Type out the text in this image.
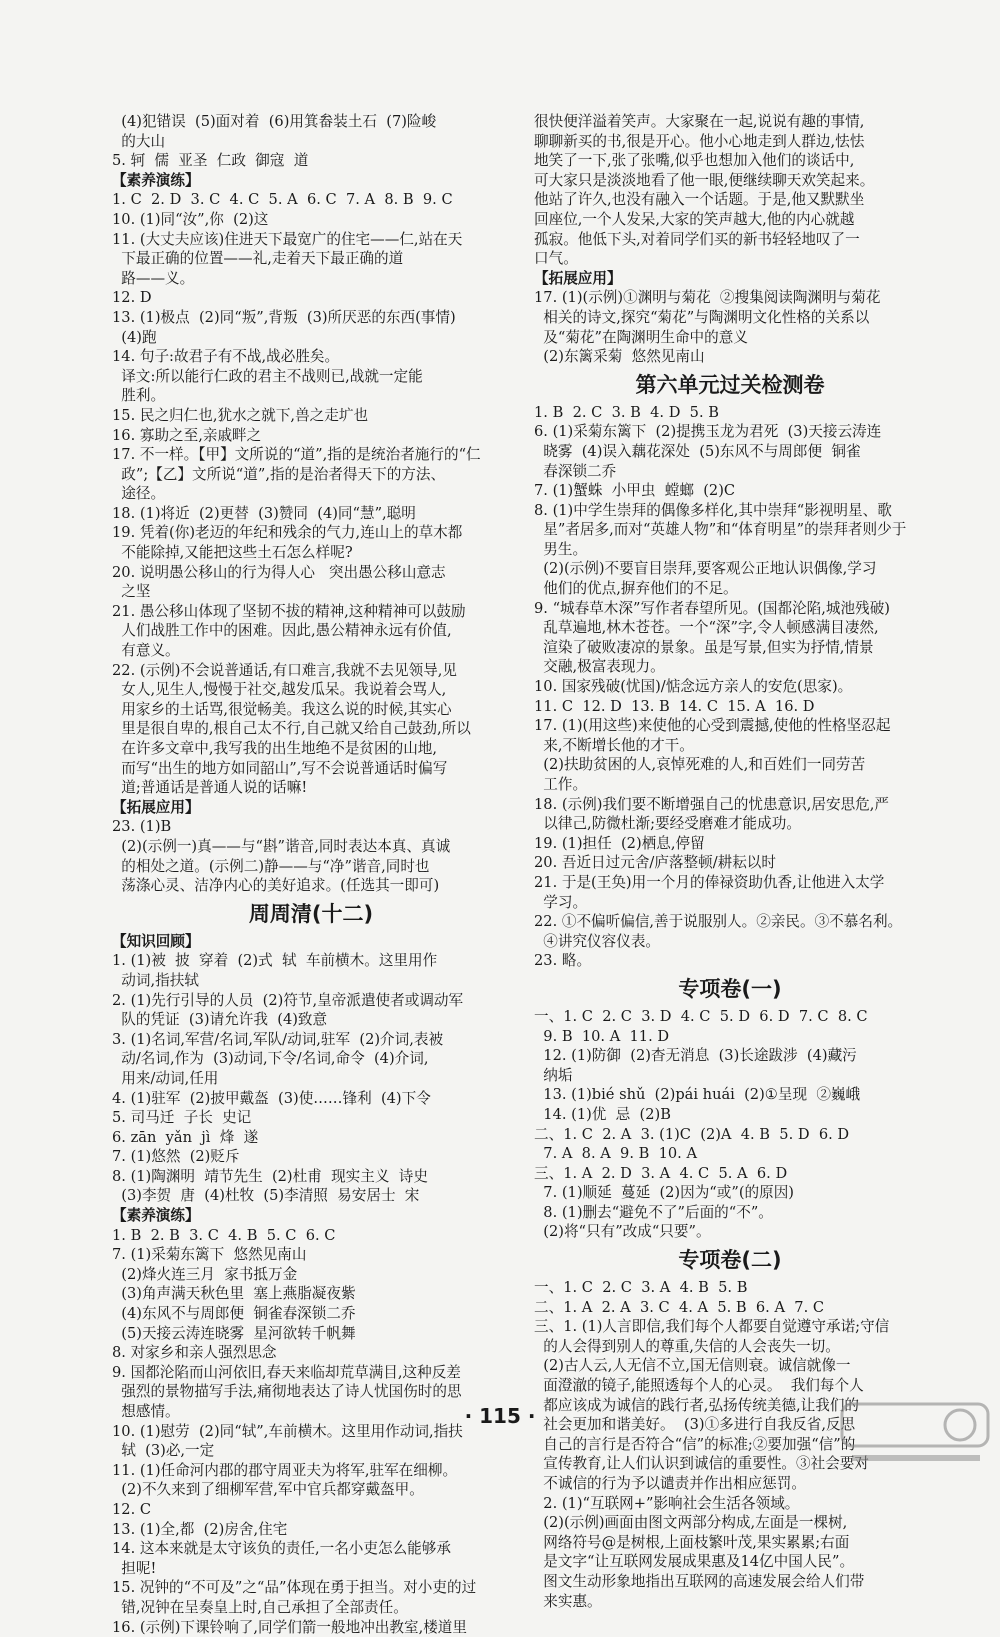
(4)犯错误  (5)面对着  (6)用箕畚装土石  (7)险峻
的大山
5. 轲  儒  亚圣  仁政  御寇  道
【素养演练】
1. C  2. D  3. C  4. C  5. A  6. C  7. A  8. B  9. C
10. (1)同“汝”,你  (2)这
11. (大丈夫应该)住进天下最宽广的住宅——仁,站在天
下最正确的位置——礼,走着天下最正确的道
路——义。
12. D
13. (1)极点  (2)同“叛”,背叛  (3)所厌恶的东西(事情)
(4)跑
14. 句子:故君子有不战,战必胜矣。
译文:所以能行仁政的君主不战则已,战就一定能
胜利。
15. 民之归仁也,犹水之就下,兽之走圹也
16. 寡助之至,亲戚畔之
17. 不一样。【甲】文所说的“道”,指的是统治者施行的“仁
政”;【乙】文所说“道”,指的是治者得天下的方法、
途径。
18. (1)将近  (2)更替  (3)赞同  (4)同“慧”,聪明
19. 凭着(你)老迈的年纪和残余的气力,连山上的草木都
不能除掉,又能把这些土石怎么样呢?
20. 说明愚公移山的行为得人心   突出愚公移山意志
之坚
21. 愚公移山体现了坚韧不拔的精神,这种精神可以鼓励
人们战胜工作中的困难。因此,愚公精神永远有价值,
有意义。
22. (示例)不会说普通话,有口难言,我就不去见领导,见
女人,见生人,慢慢于社交,越发瓜呆。我说着会骂人,
用家乡的土话骂,很觉畅美。我这么说的时候,其实心
里是很自卑的,根自己太不行,自己就又给自己鼓劲,所以
在许多文章中,我写我的出生地绝不是贫困的山地,
而写“出生的地方如同韶山”,写不会说普通话时偏写
道;普通话是普通人说的话嘛!
【拓展应用】
23. (1)B
(2)(示例一)真——与“斟”谐音,同时表达本真、真诚
的相处之道。(示例二)静——与“净”谐音,同时也
荡涤心灵、洁净内心的美好追求。(任选其一即可)
周周清(十二)
【知识回顾】
1. (1)被  披  穿着  (2)式  轼  车前横木。这里用作
动词,指扶轼
2. (1)先行引导的人员  (2)符节,皇帝派遣使者或调动军
队的凭证  (3)请允许我  (4)致意
3. (1)名词,军营/名词,军队/动词,驻军  (2)介词,表被
动/名词,作为  (3)动词,下令/名词,命令  (4)介词,
用来/动词,任用
4. (1)驻军  (2)披甲戴盔  (3)使……锋利  (4)下令
5. 司马迁  子长  史记
6. zān  yǎn  jì  烽  遂
7. (1)悠然  (2)贬斥
8. (1)陶渊明  靖节先生  (2)杜甫  现实主义  诗史
(3)李贺  唐  (4)杜牧  (5)李清照  易安居士  宋
【素养演练】
1. B  2. B  3. C  4. B  5. C  6. C
7. (1)采菊东篱下  悠然见南山
(2)烽火连三月  家书抵万金
(3)角声满天秋色里  塞上燕脂凝夜紫
(4)东风不与周郎便  铜雀春深锁二乔
(5)天接云涛连晓雾  星河欲转千帆舞
8. 对家乡和亲人强烈思念
9. 国都沦陷而山河依旧,春天来临却荒草满目,这种反差
强烈的景物描写手法,痛彻地表达了诗人忧国伤时的思
想感情。
10. (1)慰劳  (2)同“轼”,车前横木。这里用作动词,指扶
轼  (3)必,一定
11. (1)任命河内郡的郡守周亚夫为将军,驻军在细柳。
(2)不久来到了细柳军营,军中官兵都穿戴盔甲。
12. C
13. (1)全,都  (2)房舍,住宅
14. 这本来就是太守该负的责任,一名小吏怎么能够承
担呢!
15. 况钟的“不可及”之“品”体现在勇于担当。对小吏的过
错,况钟在呈奏皇上时,自己承担了全部责任。
16. (示例)下课铃响了,同学们箭一般地冲出教室,楼道里
很快便洋溢着笑声。大家聚在一起,说说有趣的事情,
聊聊新买的书,很是开心。他小心地走到人群边,怯怯
地笑了一下,张了张嘴,似乎也想加入他们的谈话中,
可大家只是淡淡地看了他一眼,便继续聊天欢笑起来。
他站了许久,也没有融入一个话题。于是,他又默默坐
回座位,一个人发呆,大家的笑声越大,他的内心就越
孤寂。他低下头,对着同学们买的新书轻轻地叹了一
口气。
【拓展应用】
17. (1)(示例)①渊明与菊花  ②搜集阅读陶渊明与菊花
相关的诗文,探究“菊花”与陶渊明文化性格的关系以
及“菊花”在陶渊明生命中的意义
(2)东篱采菊  悠然见南山
第六单元过关检测卷
1. B  2. C  3. B  4. D  5. B
6. (1)采菊东篱下  (2)提携玉龙为君死  (3)天接云涛连
晓雾  (4)误入藕花深处  (5)东风不与周郎便  铜雀
春深锁二乔
7. (1)蟹蛛  小甲虫  螳螂  (2)C
8. (1)中学生崇拜的偶像多样化,其中崇拜“影视明星、歌
星”者居多,而对“英雄人物”和“体育明星”的崇拜者则少于
男生。
(2)(示例)不要盲目崇拜,要客观公正地认识偶像,学习
他们的优点,摒弃他们的不足。
9. “城春草木深”写作者春望所见。(国都沦陷,城池残破)
乱草遍地,林木苍苍。一个“深”字,令人顿感满目凄然,
渲染了破败凄凉的景象。虽是写景,但实为抒情,情景
交融,极富表现力。
10. 国家残破(忧国)/惦念远方亲人的安危(思家)。
11. C  12. D  13. B  14. C  15. A  16. D
17. (1)(用这些)来使他的心受到震撼,使他的性格坚忍起
来,不断增长他的才干。
(2)扶助贫困的人,哀悼死难的人,和百姓们一同劳苦
工作。
18. (示例)我们要不断增强自己的忧患意识,居安思危,严
以律己,防微杜渐;要经受磨难才能成功。
19. (1)担任  (2)栖息,停留
20. 吾近日过元舍/庐落整顿/耕耘以时
21. 于是(王奂)用一个月的俸禄资助仇香,让他进入太学
学习。
22. ①不偏听偏信,善于说服别人。②亲民。③不慕名利。
④讲究仪容仪表。
23. 略。
专项卷(一)
一、1. C  2. C  3. D  4. C  5. D  6. D  7. C  8. C
9. B  10. A  11. D
12. (1)防御  (2)杳无消息  (3)长途跋涉  (4)藏污
纳垢
13. (1)bié shǔ  (2)pái huái  (2)①呈现  ②巍峨
14. (1)优  忌  (2)B
二、1. C  2. A  3. (1)C  (2)A  4. B  5. D  6. D
7. A  8. A  9. B  10. A
三、1. A  2. D  3. A  4. C  5. A  6. D
7. (1)顺延  蔓延  (2)因为“或”(的原因)
8. (1)删去“避免不了”后面的“不”。
(2)将“只有”改成“只要”。
专项卷(二)
一、1. C  2. C  3. A  4. B  5. B
二、1. A  2. A  3. C  4. A  5. B  6. A  7. C
三、1. (1)人言即信,我们每个人都要自觉遵守承诺;守信
的人会得到别人的尊重,失信的人会丧失一切。
(2)古人云,人无信不立,国无信则衰。诚信就像一
面澄澈的镜子,能照透每个人的心灵。  我们每个人
都应该成为诚信的践行者,弘扬传统美德,让我们的
社会更加和谐美好。  (3)①多进行自我反省,反思
自己的言行是否符合“信”的标准;②要加强“信”的
宣传教育,让人们认识到诚信的重要性。③社会要对
不诚信的行为予以谴责并作出相应惩罚。
2. (1)“互联网+”影响社会生活各领域。
(2)(示例)画面由图文两部分构成,左面是一棵树,
网络符号@是树根,上面枝繁叶茂,果实累累;右面
是文字“让互联网发展成果惠及14亿中国人民”。
图文生动形象地指出互联网的高速发展会给人们带
来实惠。
· 115 ·
